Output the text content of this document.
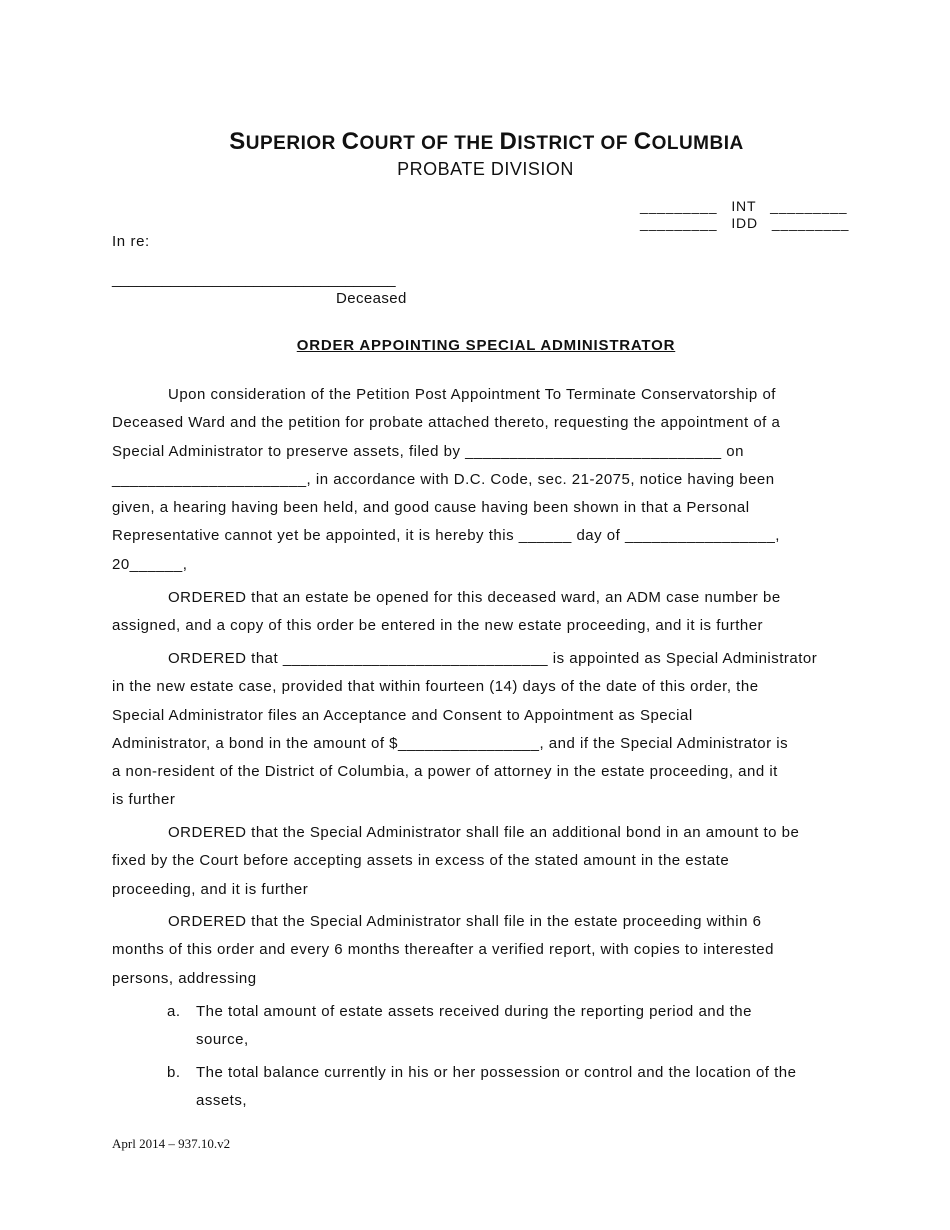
SUPERIOR COURT OF THE DISTRICT OF COLUMBIA
PROBATE DIVISION
_________   INT   _________
_________   IDD   _________
In re:
__________________________________
Deceased
ORDER APPOINTING SPECIAL ADMINISTRATOR

Upon consideration of the Petition Post Appointment To Terminate Conservatorship of
Deceased Ward and the petition for probate attached thereto, requesting the appointment of a
Special Administrator to preserve assets, filed by _____________________________ on
______________________, in accordance with D.C. Code, sec. 21-2075, notice having been
given, a hearing having been held, and good cause having been shown in that a Personal
Representative cannot yet be appointed, it is hereby this ______ day of _________________,
20______,

ORDERED that an estate be opened for this deceased ward, an ADM case number be
assigned, and a copy of this order be entered in the new estate proceeding, and it is further

ORDERED that ______________________________ is appointed as Special Administrator
in the new estate case, provided that within fourteen (14) days of the date of this order, the
Special Administrator files an Acceptance and Consent to Appointment as Special
Administrator, a bond in the amount of $________________, and if the Special Administrator is
a non-resident of the District of Columbia, a power of attorney in the estate proceeding, and it
is further

ORDERED that the Special Administrator shall file an additional bond in an amount to be
fixed by the Court before accepting assets in excess of the stated amount in the estate
proceeding, and it is further

ORDERED that the Special Administrator shall file in the estate proceeding within 6
months of this order and every 6 months thereafter a verified report, with copies to interested
persons, addressing

a.	The total amount of estate assets received during the reporting period and the
source,
b.	The total balance currently in his or her possession or control and the location of the
assets,
Aprl 2014 – 937.10.v2
